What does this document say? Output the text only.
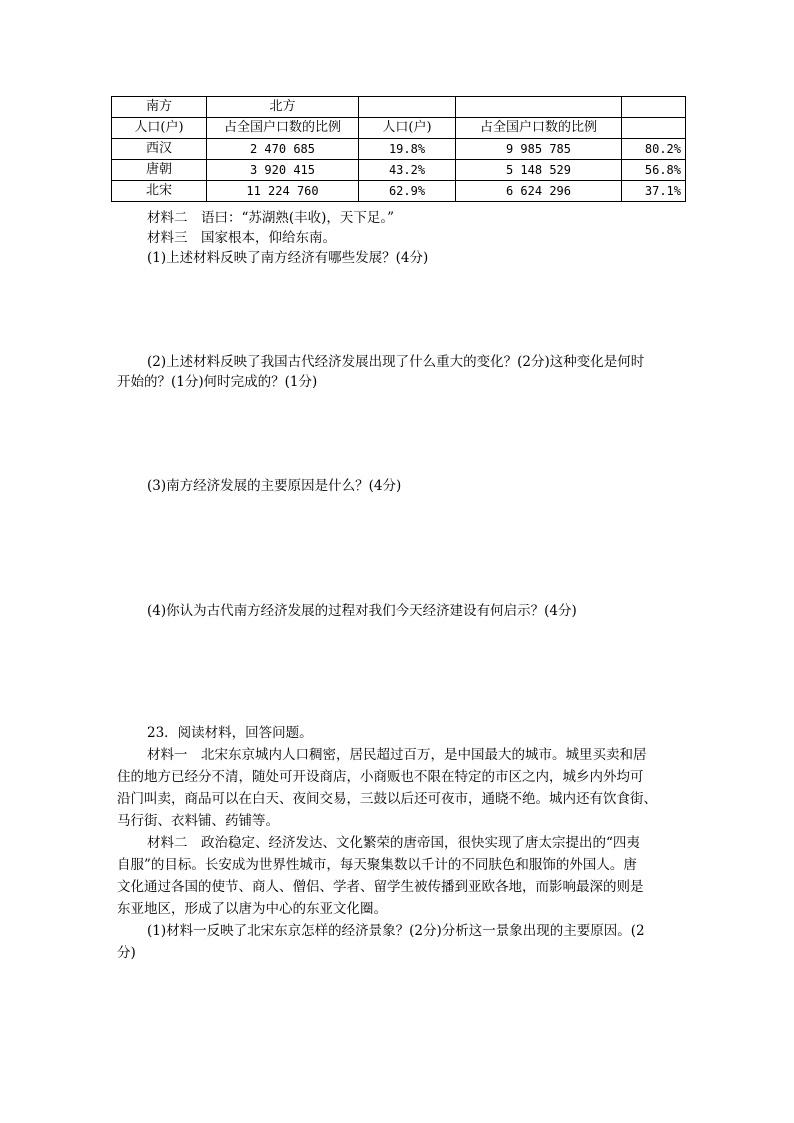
南方	北方			
人口(户)	占全国户口数的比例	人口(户)	占全国户口数的比例	
西汉	2 470 685	19.8%	9 985 785	80.2%
唐朝	3 920 415	43.2%	5 148 529	56.8%
北宋	11 224 760	62.9%	6 624 296	37.1%
材料二　语曰：“苏湖熟(丰收)，天下足。”
材料三　国家根本，仰给东南。
(1)上述材料反映了南方经济有哪些发展？(4分)
(2)上述材料反映了我国古代经济发展出现了什么重大的变化？(2分)这种变化是何时
开始的？(1分)何时完成的？(1分)
(3)南方经济发展的主要原因是什么？(4分)
(4)你认为古代南方经济发展的过程对我们今天经济建设有何启示？(4分)
23．阅读材料，回答问题。
材料一　北宋东京城内人口稠密，居民超过百万，是中国最大的城市。城里买卖和居
住的地方已经分不清，随处可开设商店，小商贩也不限在特定的市区之内，城乡内外均可
沿门叫卖，商品可以在白天、夜间交易，三鼓以后还可夜市，通晓不绝。城内还有饮食街、
马行街、衣料铺、药铺等。
材料二　政治稳定、经济发达、文化繁荣的唐帝国，很快实现了唐太宗提出的“四夷
自服”的目标。长安成为世界性城市，每天聚集数以千计的不同肤色和服饰的外国人。唐
文化通过各国的使节、商人、僧侣、学者、留学生被传播到亚欧各地，而影响最深的则是
东亚地区，形成了以唐为中心的东亚文化圈。
(1)材料一反映了北宋东京怎样的经济景象？(2分)分析这一景象出现的主要原因。(2
分)
